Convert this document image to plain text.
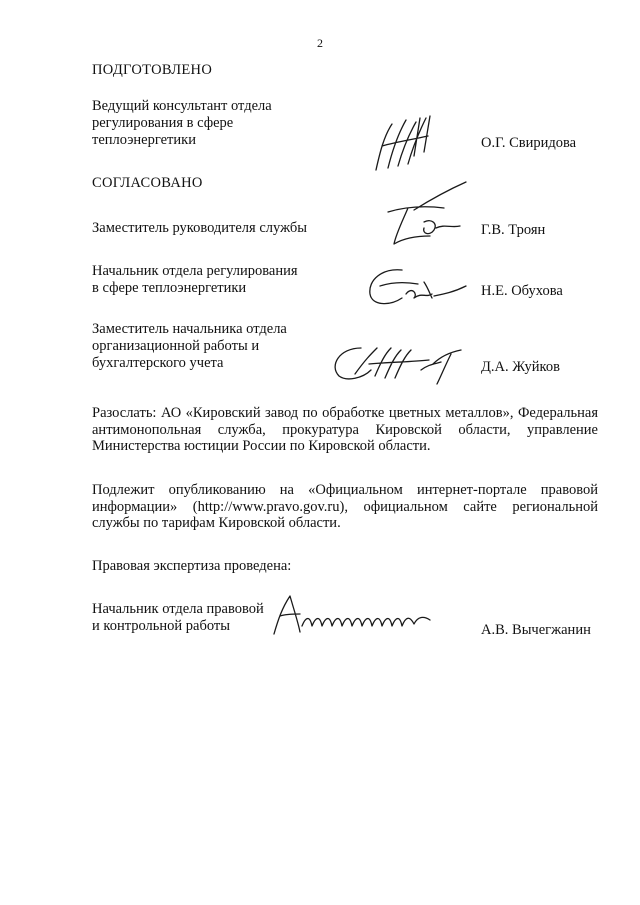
2
ПОДГОТОВЛЕНО
Ведущий консультант отдела
регулирования в сфере
теплоэнергетики	О.Г. Свиридова
СОГЛАСОВАНО
Заместитель руководителя службы	Г.В. Троян
Начальник отдела регулирования
в сфере теплоэнергетики	Н.Е. Обухова
Заместитель начальника отдела
организационной работы и
бухгалтерского учета	Д.А. Жуйков
Разослать: АО «Кировский завод по обработке цветных металлов», Федеральная антимонопольная служба, прокуратура Кировской области, управление Министерства юстиции России по Кировской области.
Подлежит опубликованию на «Официальном интернет-портале правовой информации» (http://www.pravo.gov.ru), официальном сайте региональной службы по тарифам Кировской области.
Правовая экспертиза проведена:
Начальник отдела правовой
и контрольной работы	А.В. Вычегжанин
